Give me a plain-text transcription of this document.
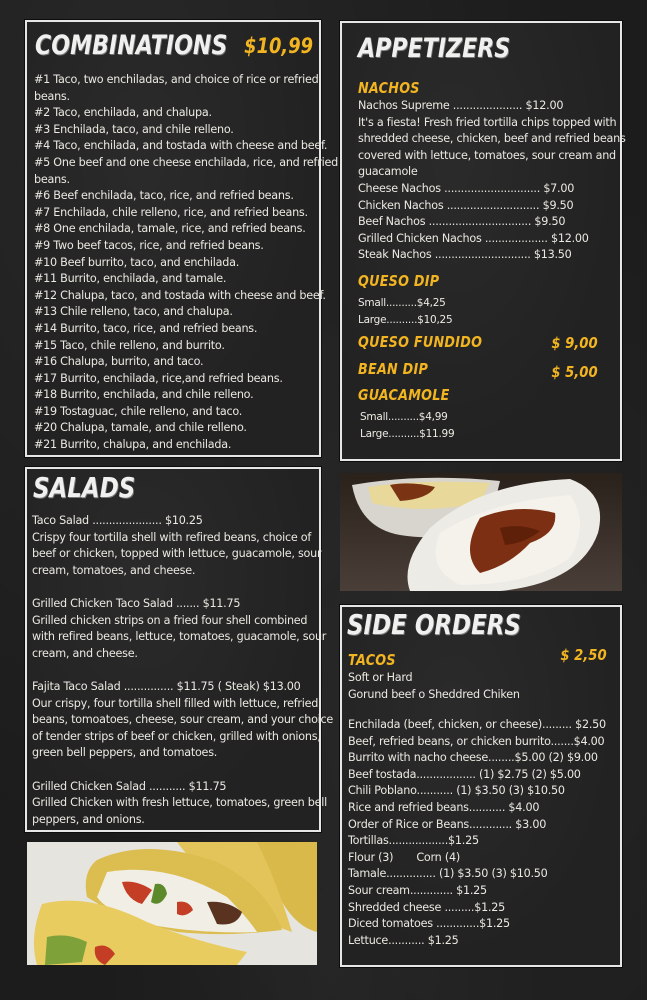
COMBINATIONS $10,99
#1 Taco, two enchiladas, and choice of rice or refried
beans.
#2 Taco, enchilada, and chalupa.
#3 Enchilada, taco, and chile relleno.
#4 Taco, enchilada, and tostada with cheese and beef.
#5 One beef and one cheese enchilada, rice, and refried
beans.
#6 Beef enchilada, taco, rice, and refried beans.
#7 Enchilada, chile relleno, rice, and refried beans.
#8 One enchilada, tamale, rice, and refried beans.
#9 Two beef tacos, rice, and refried beans.
#10 Beef burrito, taco, and enchilada.
#11 Burrito, enchilada, and tamale.
#12 Chalupa, taco, and tostada with cheese and beef.
#13 Chile relleno, taco, and chalupa.
#14 Burrito, taco, rice, and refried beans.
#15 Taco, chile relleno, and burrito.
#16 Chalupa, burrito, and taco.
#17 Burrito, enchilada, rice,and refried beans.
#18 Burrito, enchilada, and chile relleno.
#19 Tostaguac, chile relleno, and taco.
#20 Chalupa, tamale, and chile relleno.
#21 Burrito, chalupa, and enchilada.
APPETIZERS
NACHOS
Nachos Supreme ..................... $12.00
It's a fiesta! Fresh fried tortilla chips topped with
shredded cheese, chicken, beef and refried beans
covered with lettuce, tomatoes, sour cream and
guacamole
Cheese Nachos ............................. $7.00
Chicken Nachos ............................ $9.50
Beef Nachos ............................... $9.50
Grilled Chicken Nachos ................... $12.00
Steak Nachos ............................. $13.50
QUESO DIP
Small..........$4,25
Large..........$10,25
QUESO FUNDIDO	$ 9,00
BEAN DIP	$ 5,00
GUACAMOLE
Small..........$4,99
Large..........$11.99
SALADS
Taco Salad ..................... $10.25
Crispy four tortilla shell with refired beans, choice of
beef or chicken, topped with lettuce, guacamole, sour
cream, tomatoes, and cheese.
Grilled Chicken Taco Salad ....... $11.75
Grilled chicken strips on a fried four shell combined
with refired beans, lettuce, tomatoes, guacamole, sour
cream, and cheese.
Fajita Taco Salad ............... $11.75 ( Steak) $13.00
Our crispy, four tortilla shell filled with lettuce, refried
beans, tomoatoes, cheese, sour cream, and your choice
of tender strips of beef or chicken, grilled with onions,
green bell peppers, and tomatoes.
Grilled Chicken Salad ........... $11.75
Grilled Chicken with fresh lettuce, tomatoes, green bell
peppers, and onions.
SIDE ORDERS
TACOS	$ 2,50
Soft or Hard
Gorund beef o Sheddred Chiken
Enchilada (beef, chicken, or cheese)......... $2.50
Beef, refried beans, or chicken burrito.......$4.00
Burrito with nacho cheese........$5.00 (2) $9.00
Beef tostada.................. (1) $2.75 (2) $5.00
Chili Poblano........... (1) $3.50 (3) $10.50
Rice and refried beans........... $4.00
Order of Rice or Beans............. $3.00
Tortillas..................$1.25
Flour (3)       Corn (4)
Tamale............... (1) $3.50 (3) $10.50
Sour cream............. $1.25
Shredded cheese .........$1.25
Diced tomatoes .............$1.25
Lettuce........... $1.25
